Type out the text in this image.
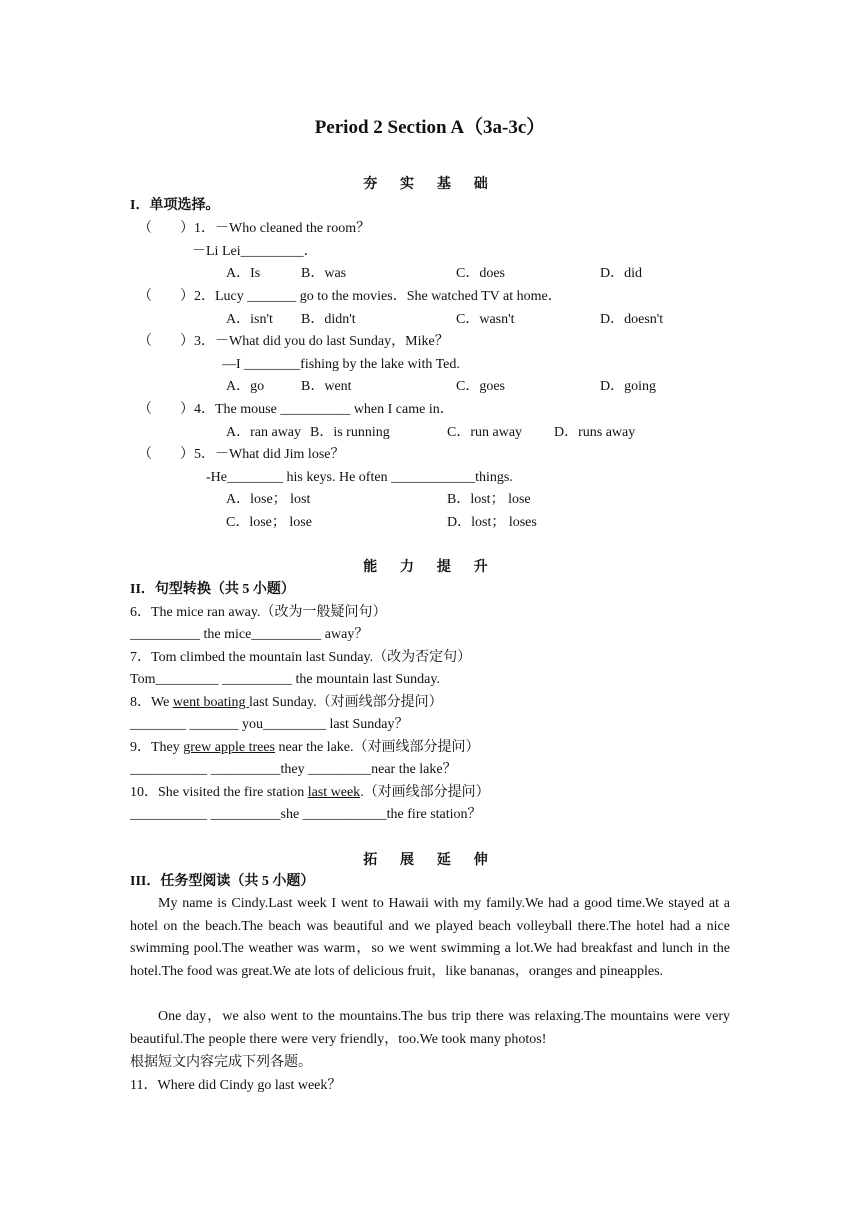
Period 2 Section A（3a-3c）
夯 实 基 础
I．单项选择。
（　　）1．－Who cleaned the room？
－Li Lei_________．
A．Is	B．was	C．does	D．did
（　　）2．Lucy _______ go to the movies．She watched TV at home．
A．isn't B．didn't	C．wasn't	D．doesn't
（　　）3．－What did you do last Sunday，Mike？
—I ________fishing by the lake with Ted.
A．go	B．went	C．goes	D．going
（　　）4．The mouse __________ when I came in．
A．ran away B．is running	C．run away D．runs away
（　　）5．－What did Jim lose？
-He________ his keys. He often ____________things.
A．lose； lost	B．lost； lose
C．lose； lose	D．lost； loses
能 力 提 升
II．句型转换（共 5 小题）
6．The mice ran away.（改为一般疑问句）
__________ the mice__________ away？
7．Tom climbed the mountain last Sunday.（改为否定句）
Tom_________ __________ the mountain last Sunday.
8．We went boating last Sunday.（对画线部分提问）
________ _______ you_________ last Sunday？
9．They grew apple trees near the lake.（对画线部分提问）
___________ __________they _________near the lake？
10．She visited the fire station last week.（对画线部分提问）
___________ __________she ____________the fire station？
拓 展 延 伸
III．任务型阅读（共 5 小题）
My name is Cindy.Last week I went to Hawaii with my family.We had a good time.We stayed at a hotel on the beach.The beach was beautiful and we played beach volleyball there.The hotel had a nice swimming pool.The weather was warm，so we went swimming a lot.We had breakfast and lunch in the hotel.The food was great.We ate lots of delicious fruit，like bananas，oranges and pineapples.
One day，we also went to the mountains.The bus trip there was relaxing.The mountains were very beautiful.The people there were very friendly，too.We took many photos!
根据短文内容完成下列各题。
11．Where did Cindy go last week？
